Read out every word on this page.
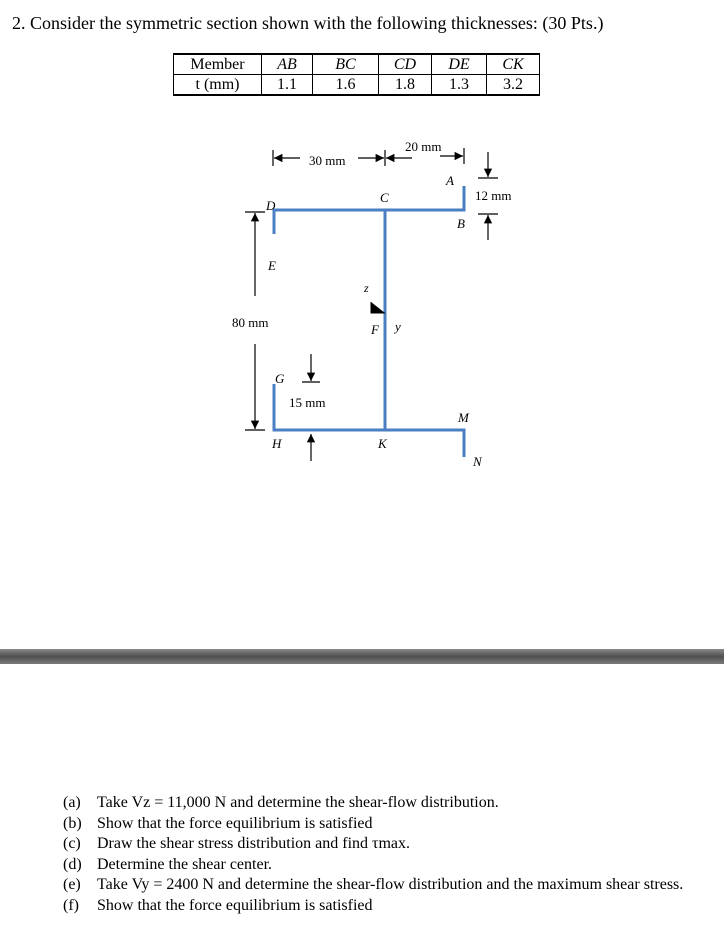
2. Consider the symmetric section shown with the following thicknesses: (30 Pts.)
Member	AB	BC	CD	DE	CK
t (mm)	1.1	1.6	1.8	1.3	3.2
30 mm
20 mm
12 mm
80 mm
15 mm
z
y
A
B
C
D
E
F
G
H	K
M
N
(a)	Take Vz = 11,000 N and determine the shear-flow distribution.
(b) Show that the force equilibrium is satisfied
(c)	Draw the shear stress distribution and find τmax.
(d) Determine the shear center.
(e)	Take Vy = 2400 N and determine the shear-flow distribution and the maximum shear stress.
(f)	Show that the force equilibrium is satisfied
